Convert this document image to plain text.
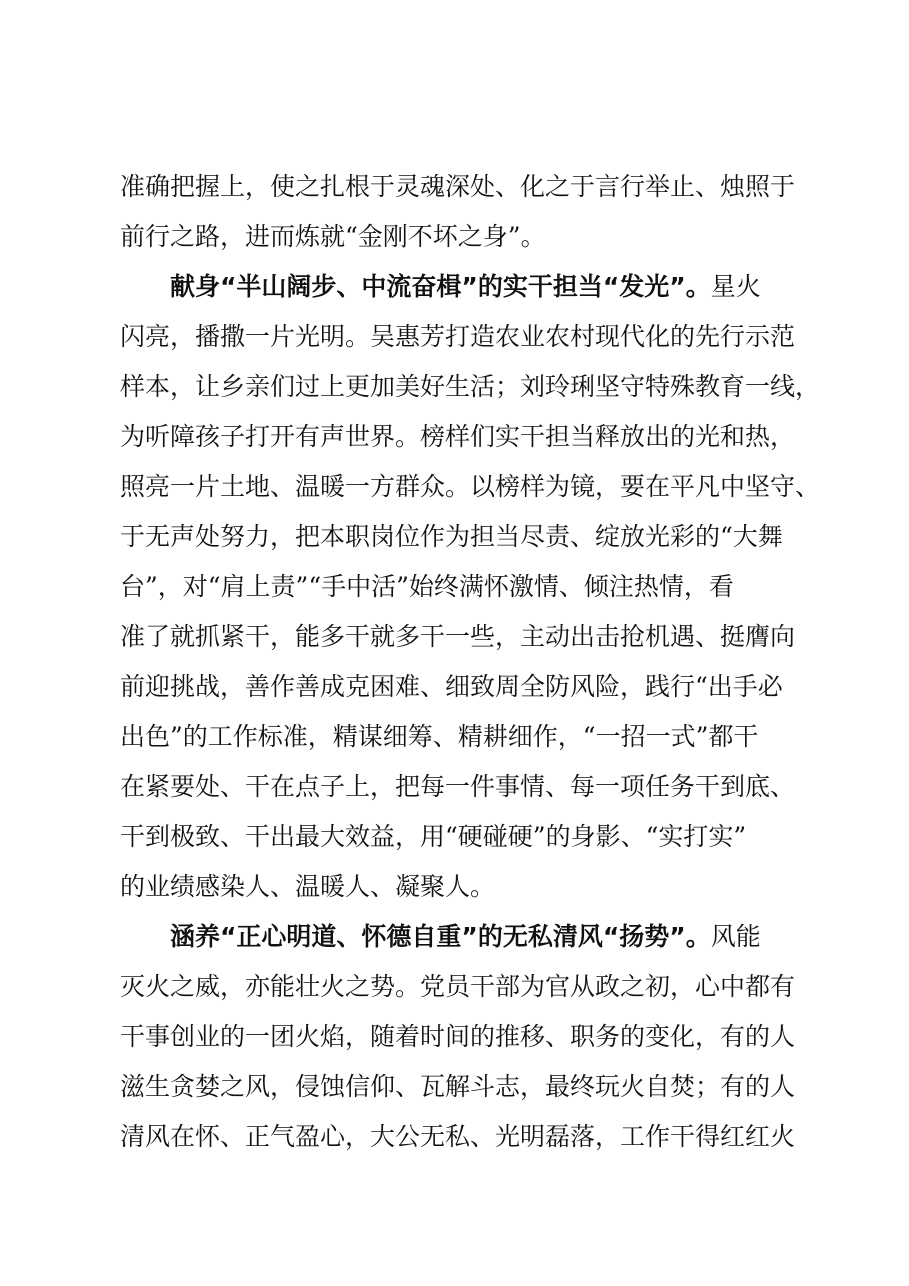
准确把握上，使之扎根于灵魂深处、化之于言行举止、烛照于
前行之路，进而炼就“金刚不坏之身”。
献身“半山阔步、中流奋楫”的实干担当“发光”。星火
闪亮，播撒一片光明。吴惠芳打造农业农村现代化的先行示范
样本，让乡亲们过上更加美好生活；刘玲琍坚守特殊教育一线，
为听障孩子打开有声世界。榜样们实干担当释放出的光和热，
照亮一片土地、温暖一方群众。以榜样为镜，要在平凡中坚守、
于无声处努力，把本职岗位作为担当尽责、绽放光彩的“大舞
台”，对“肩上责”“手中活”始终满怀激情、倾注热情，看
准了就抓紧干，能多干就多干一些，主动出击抢机遇、挺膺向
前迎挑战，善作善成克困难、细致周全防风险，践行“出手必
出色”的工作标准，精谋细筹、精耕细作，“一招一式”都干
在紧要处、干在点子上，把每一件事情、每一项任务干到底、
干到极致、干出最大效益，用“硬碰硬”的身影、“实打实”
的业绩感染人、温暖人、凝聚人。
涵养“正心明道、怀德自重”的无私清风“扬势”。风能
灭火之威，亦能壮火之势。党员干部为官从政之初，心中都有
干事创业的一团火焰，随着时间的推移、职务的变化，有的人
滋生贪婪之风，侵蚀信仰、瓦解斗志，最终玩火自焚；有的人
清风在怀、正气盈心，大公无私、光明磊落，工作干得红红火
